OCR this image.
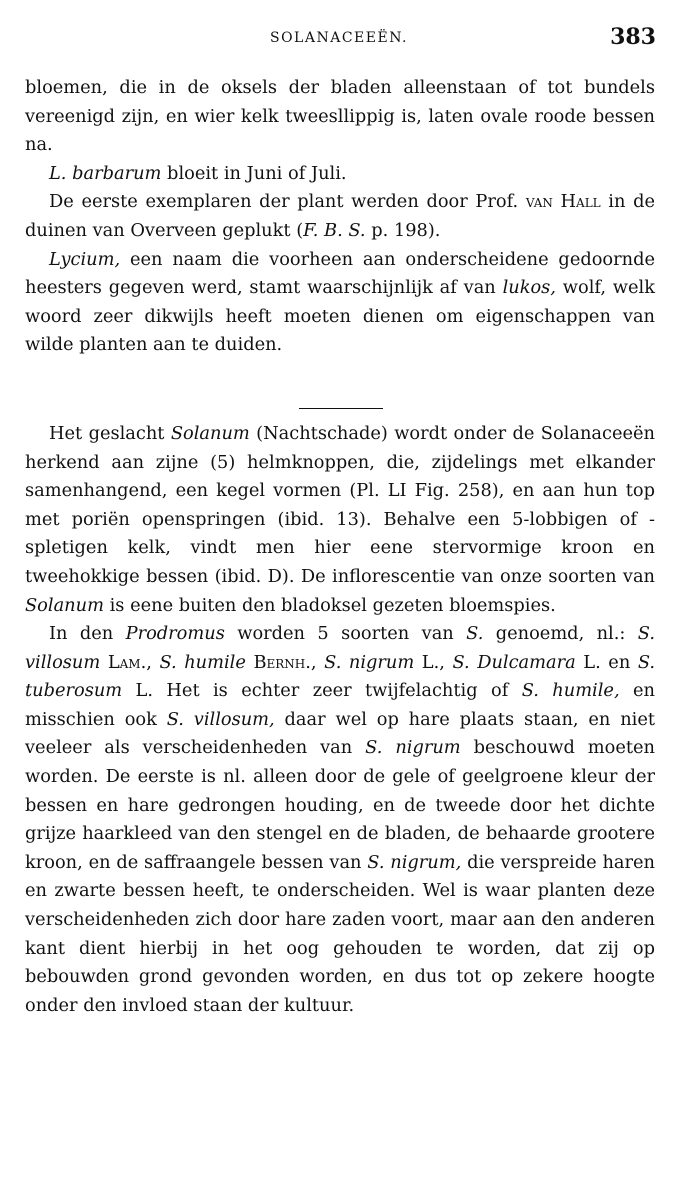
SOLANACEEËN.	383

bloemen, die in de oksels der bladen alleenstaan of tot bundels vereenigd zijn, en wier kelk tweesllippig is, laten ovale roode bessen na.

L. barbarum bloeit in Juni of Juli.

De eerste exemplaren der plant werden door Prof. van Hall in de duinen van Overveen geplukt (F. B. S. p. 198).

Lycium, een naam die voorheen aan onderscheidene gedoornde heesters gegeven werd, stamt waarschijnlijk af van lukos, wolf, welk woord zeer dikwijls heeft moeten dienen om eigenschappen van wilde planten aan te duiden.

Het geslacht Solanum (Nachtschade) wordt onder de Solanaceeën herkend aan zijne (5) helmknoppen, die, zijdelings met elkander samenhangend, een kegel vormen (Pl. LI Fig. 258), en aan hun top met poriën openspringen (ibid. 13). Behalve een 5-lobbigen of -spletigen kelk, vindt men hier eene stervormige kroon en tweehokkige bessen (ibid. D). De inflorescentie van onze soorten van Solanum is eene buiten den bladoksel gezeten bloemspies.

In den Prodromus worden 5 soorten van S. genoemd, nl.: S. villosum Lam., S. humile Bernh., S. nigrum L., S. Dulcamara L. en S. tuberosum L. Het is echter zeer twijfelachtig of S. humile, en misschien ook S. villosum, daar wel op hare plaats staan, en niet veeleer als verscheidenheden van S. nigrum beschouwd moeten worden. De eerste is nl. alleen door de gele of geelgroene kleur der bessen en hare gedrongen houding, en de tweede door het dichte grijze haarkleed van den stengel en de bladen, de behaarde grootere kroon, en de saffraangele bessen van S. nigrum, die verspreide haren en zwarte bessen heeft, te onderscheiden. Wel is waar planten deze verscheidenheden zich door hare zaden voort, maar aan den anderen kant dient hierbij in het oog gehouden te worden, dat zij op bebouwden grond gevonden worden, en dus tot op zekere hoogte onder den invloed staan der kultuur.
